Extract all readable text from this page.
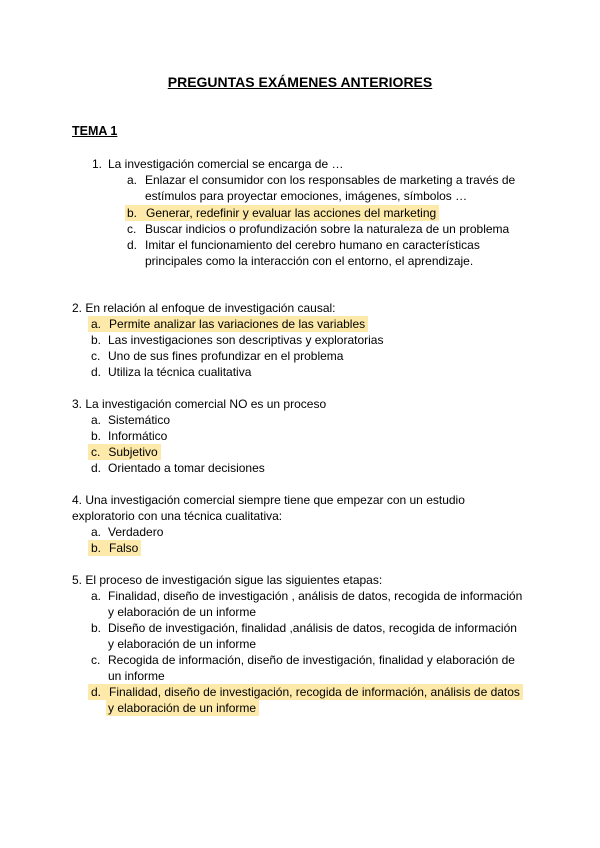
PREGUNTAS EXÁMENES ANTERIORES
TEMA 1
1. La investigación comercial se encarga de …
a. Enlazar el consumidor con los responsables de marketing a través de
estímulos para proyectar emociones, imágenes, símbolos …
b. Generar, redefinir y evaluar las acciones del marketing
c. Buscar indicios o profundización sobre la naturaleza de un problema
d. Imitar el funcionamiento del cerebro humano en características
principales como la interacción con el entorno, el aprendizaje.
2. En relación al enfoque de investigación causal:
a. Permite analizar las variaciones de las variables
b. Las investigaciones son descriptivas y exploratorias
c. Uno de sus fines profundizar en el problema
d. Utiliza la técnica cualitativa
3. La investigación comercial NO es un proceso
a. Sistemático
b. Informático
c. Subjetivo
d. Orientado a tomar decisiones
4. Una investigación comercial siempre tiene que empezar con un estudio
exploratorio con una técnica cualitativa:
a. Verdadero
b. Falso
5. El proceso de investigación sigue las siguientes etapas:
a. Finalidad, diseño de investigación , análisis de datos, recogida de información
y elaboración de un informe
b. Diseño de investigación, finalidad ,análisis de datos, recogida de información
y elaboración de un informe
c. Recogida de información, diseño de investigación, finalidad y elaboración de
un informe
d. Finalidad, diseño de investigación, recogida de información, análisis de datos
y elaboración de un informe
